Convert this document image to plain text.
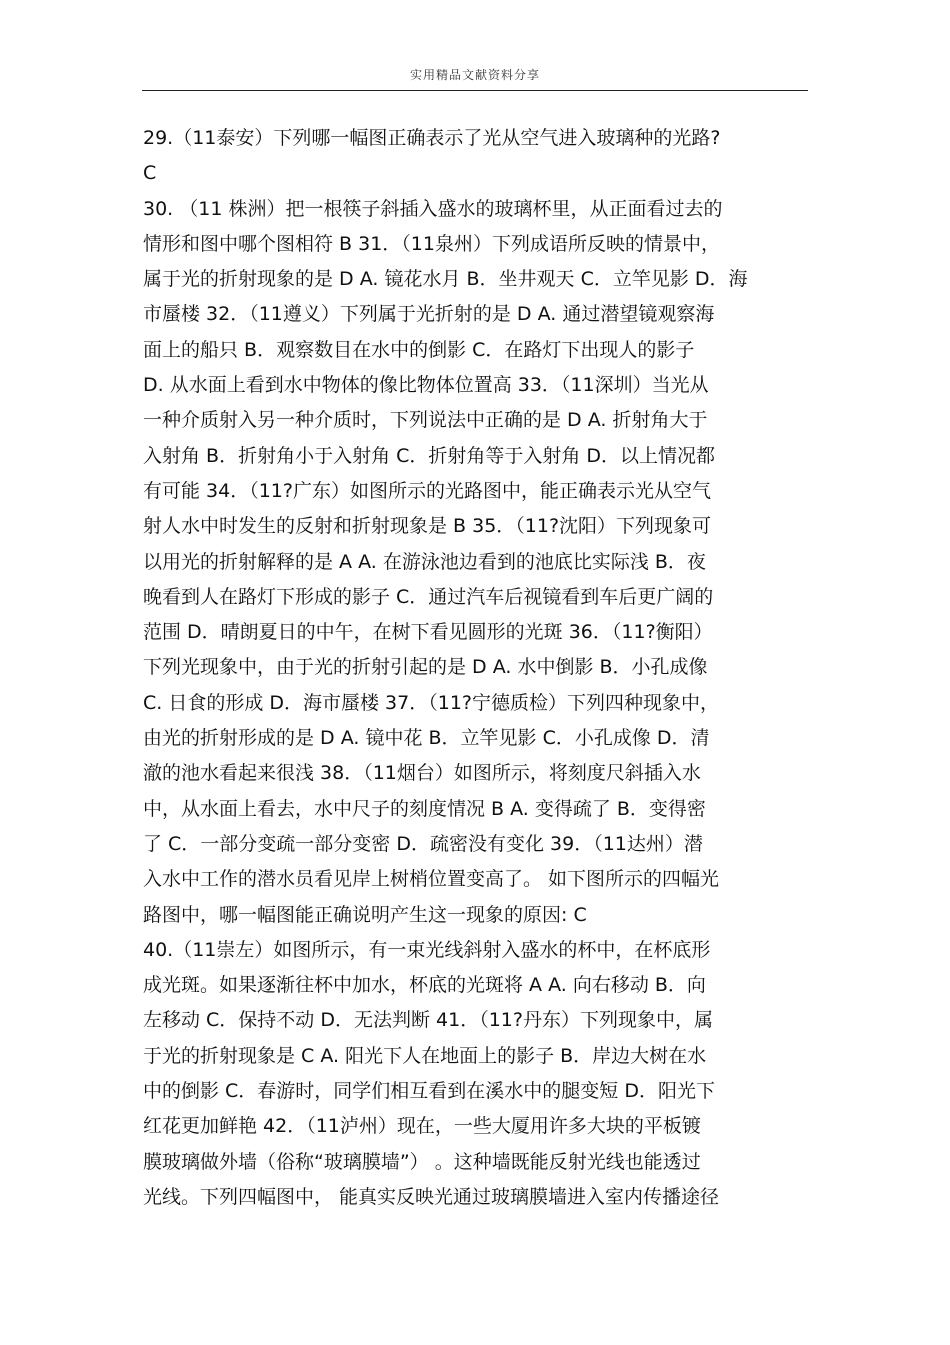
实用精品文献资料分享
29.（11泰安）下列哪一幅图正确表示了光从空气进入玻璃种的光路?
C
30. （11 株洲）把一根筷子斜插入盛水的玻璃杯里，从正面看过去的
情形和图中哪个图相符 B 31．（11泉州）下列成语所反映的情景中，
属于光的折射现象的是 D A. 镜花水月 B．坐井观天 C．立竿见影 D．海
市蜃楼 32．（11遵义）下列属于光折射的是 D A. 通过潜望镜观察海
面上的船只 B．观察数目在水中的倒影 C．在路灯下出现人的影子
D. 从水面上看到水中物体的像比物体位置高 33．（11深圳）当光从
一种介质射入另一种介质时，下列说法中正确的是 D A. 折射角大于
入射角 B．折射角小于入射角 C．折射角等于入射角 D．以上情况都
有可能 34．（11?广东）如图所示的光路图中，能正确表示光从空气
射人水中时发生的反射和折射现象是 B 35．（11?沈阳）下列现象可
以用光的折射解释的是 A A. 在游泳池边看到的池底比实际浅 B．夜
晚看到人在路灯下形成的影子 C．通过汽车后视镜看到车后更广阔的
范围 D．晴朗夏日的中午，在树下看见圆形的光斑 36．（11?衡阳）
下列光现象中，由于光的折射引起的是 D A. 水中倒影 B．小孔成像
C. 日食的形成 D．海市蜃楼 37．（11?宁德质检）下列四种现象中，
由光的折射形成的是 D A. 镜中花 B．立竿见影 C．小孔成像 D．清
澈的池水看起来很浅 38．（11烟台）如图所示，将刻度尺斜插入水
中，从水面上看去，水中尺子的刻度情况 B A. 变得疏了 B．变得密
了 C．一部分变疏一部分变密 D．疏密没有变化 39．（11达州）潜
入水中工作的潜水员看见岸上树梢位置变高了。 如下图所示的四幅光
路图中，哪一幅图能正确说明产生这一现象的原因: C
40.（11崇左）如图所示，有一束光线斜射入盛水的杯中，在杯底形
成光斑。如果逐渐往杯中加水，杯底的光斑将 A A. 向右移动 B．向
左移动 C．保持不动 D．无法判断 41．（11?丹东）下列现象中，属
于光的折射现象是 C A. 阳光下人在地面上的影子 B．岸边大树在水
中的倒影 C．春游时，同学们相互看到在溪水中的腿变短 D．阳光下
红花更加鲜艳 42．（11泸州）现在，一些大厦用许多大块的平板镀
膜玻璃做外墙（俗称“玻璃膜墙”） 。这种墙既能反射光线也能透过
光线。下列四幅图中， 能真实反映光通过玻璃膜墙进入室内传播途径
